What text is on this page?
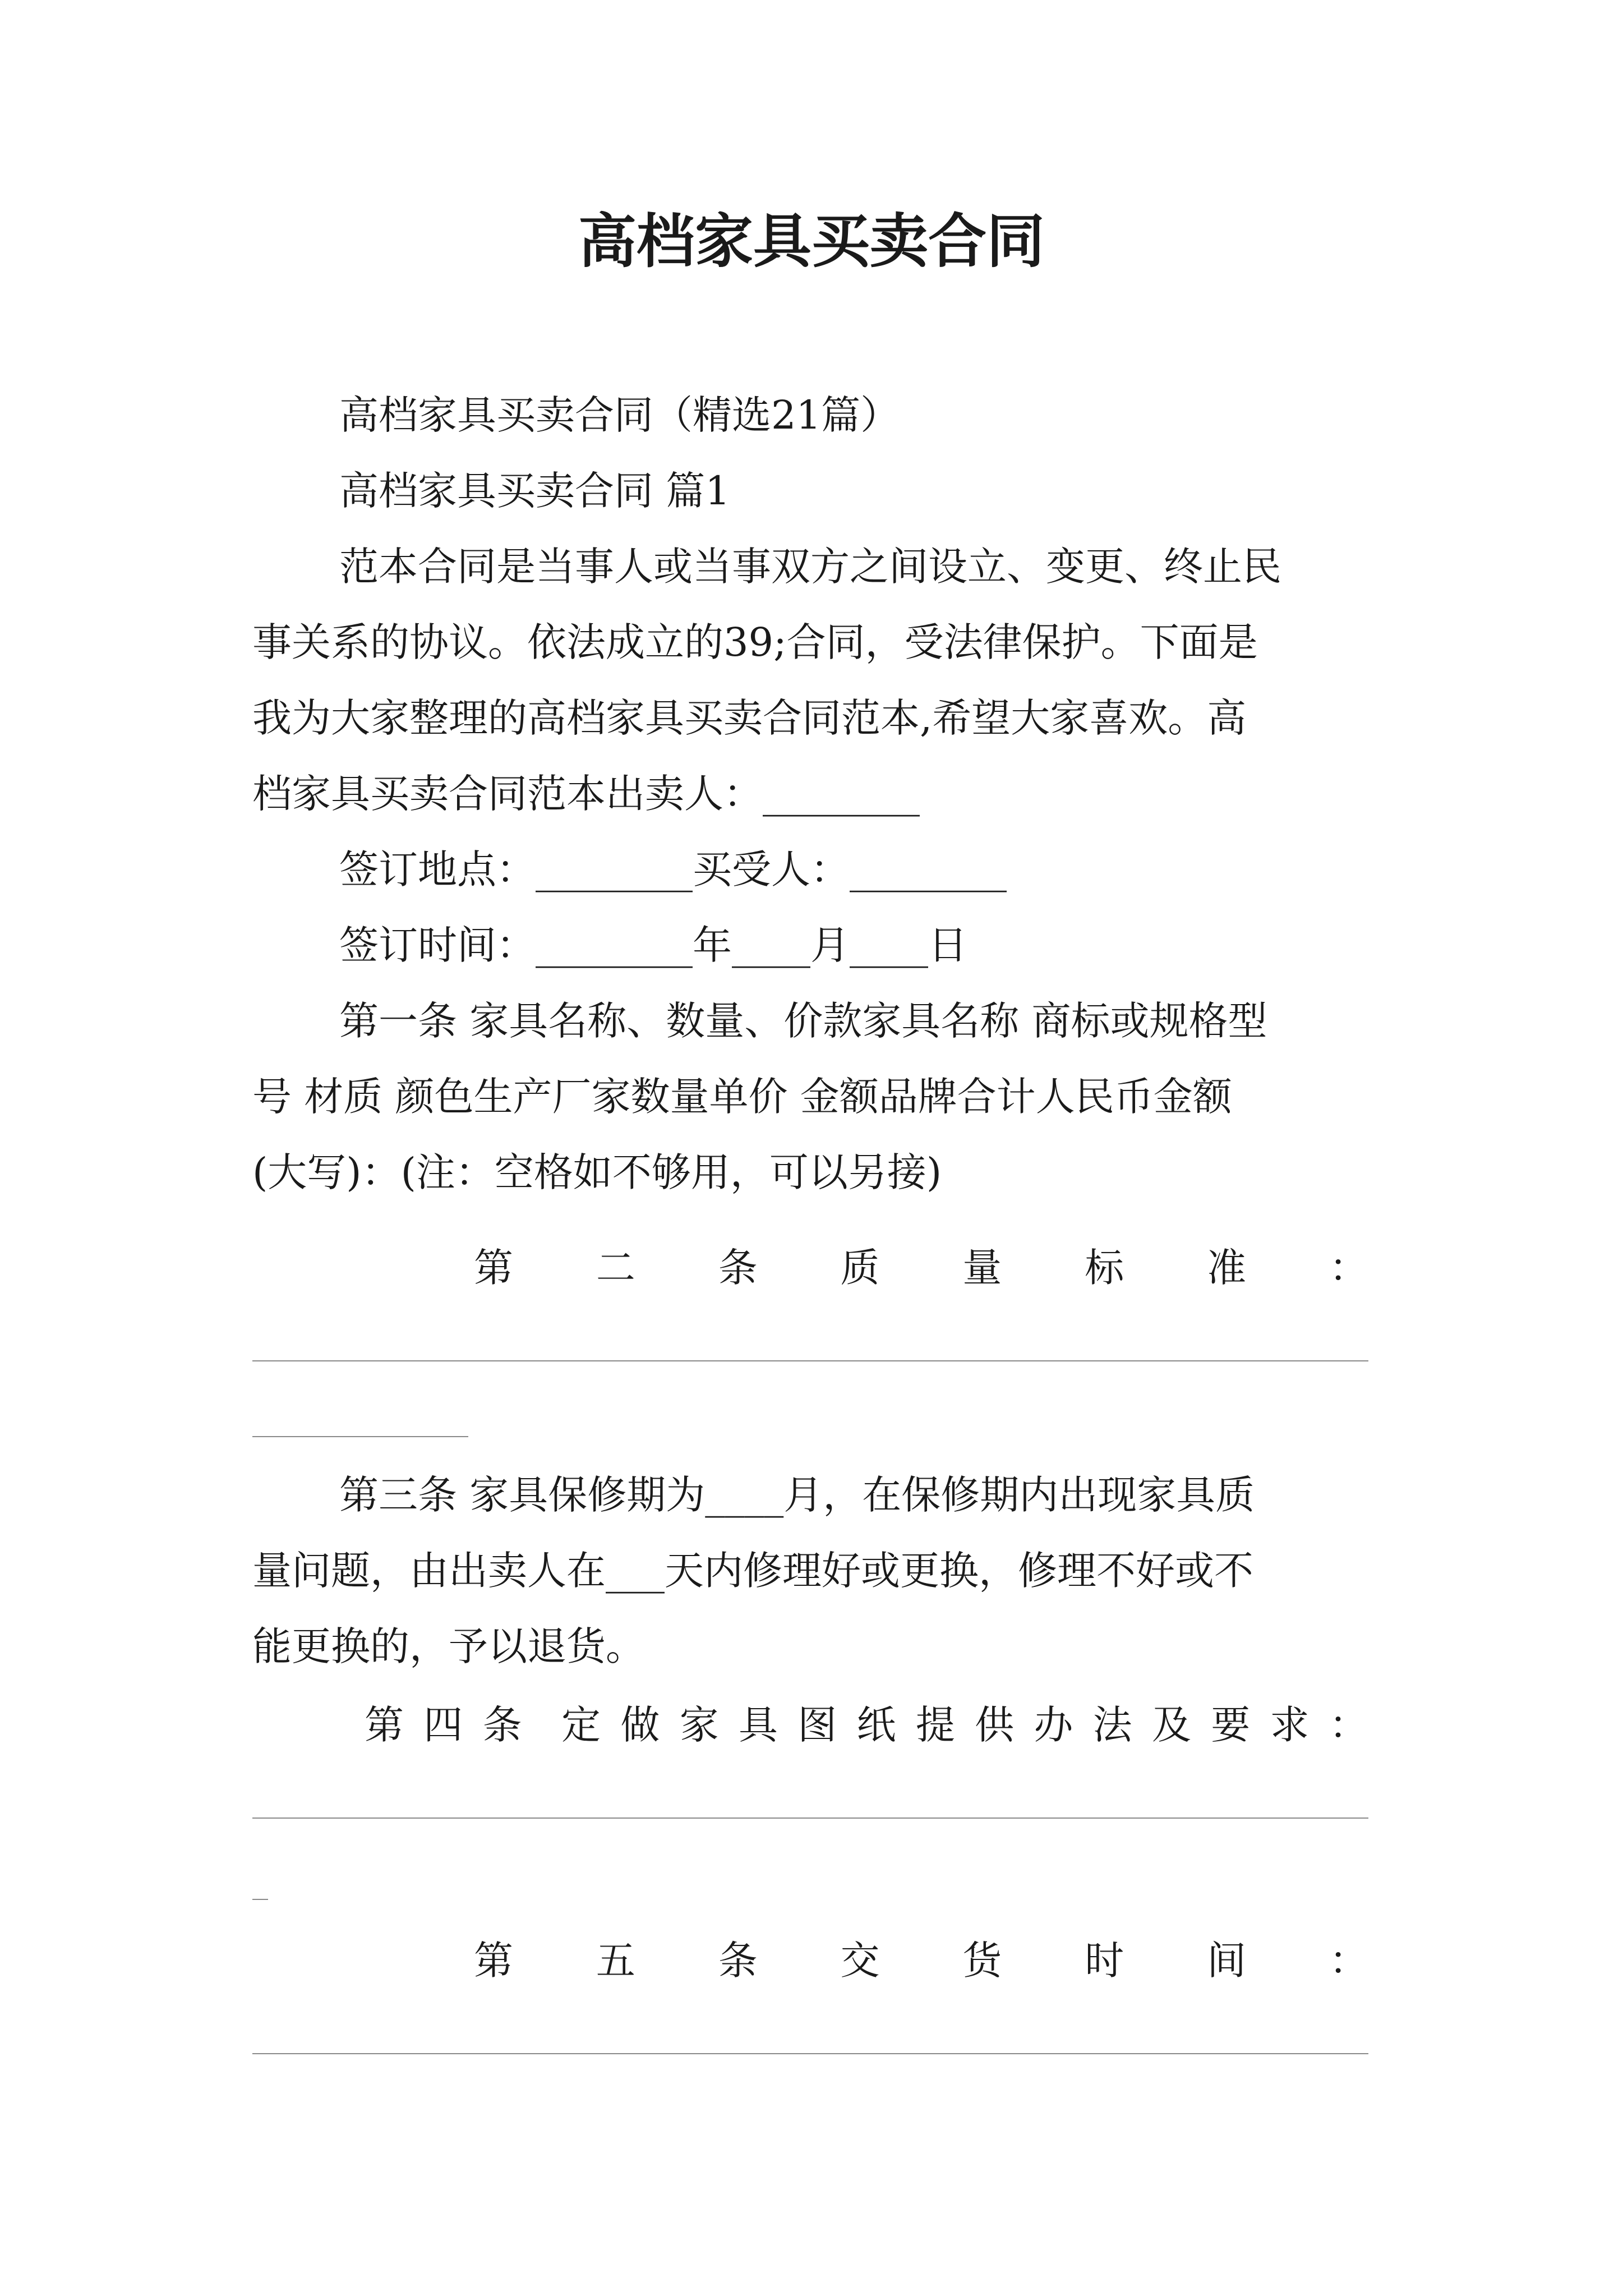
高档家具买卖合同
高档家具买卖合同（精选21篇）
高档家具买卖合同 篇1
范本合同是当事人或当事双方之间设立、变更、终止民
事关系的协议。依法成立的39;合同，受法律保护。下面是
我为大家整理的高档家具买卖合同范本,希望大家喜欢。高
档家具买卖合同范本出卖人：________
签订地点：________买受人：________
签订时间：________年____月____日
第一条 家具名称、数量、价款家具名称 商标或规格型
号 材质 颜色生产厂家数量单价 金额品牌合计人民币金额
(大写)：(注：空格如不够用，可以另接)
第 二 条 质 量 标 准 ：
第三条 家具保修期为____月，在保修期内出现家具质
量问题，由出卖人在___天内修理好或更换，修理不好或不
能更换的，予以退货。
第 四 条 定 做 家 具 图 纸 提 供 办 法 及 要 求 ：
第 五 条 交 货 时 间 ：
